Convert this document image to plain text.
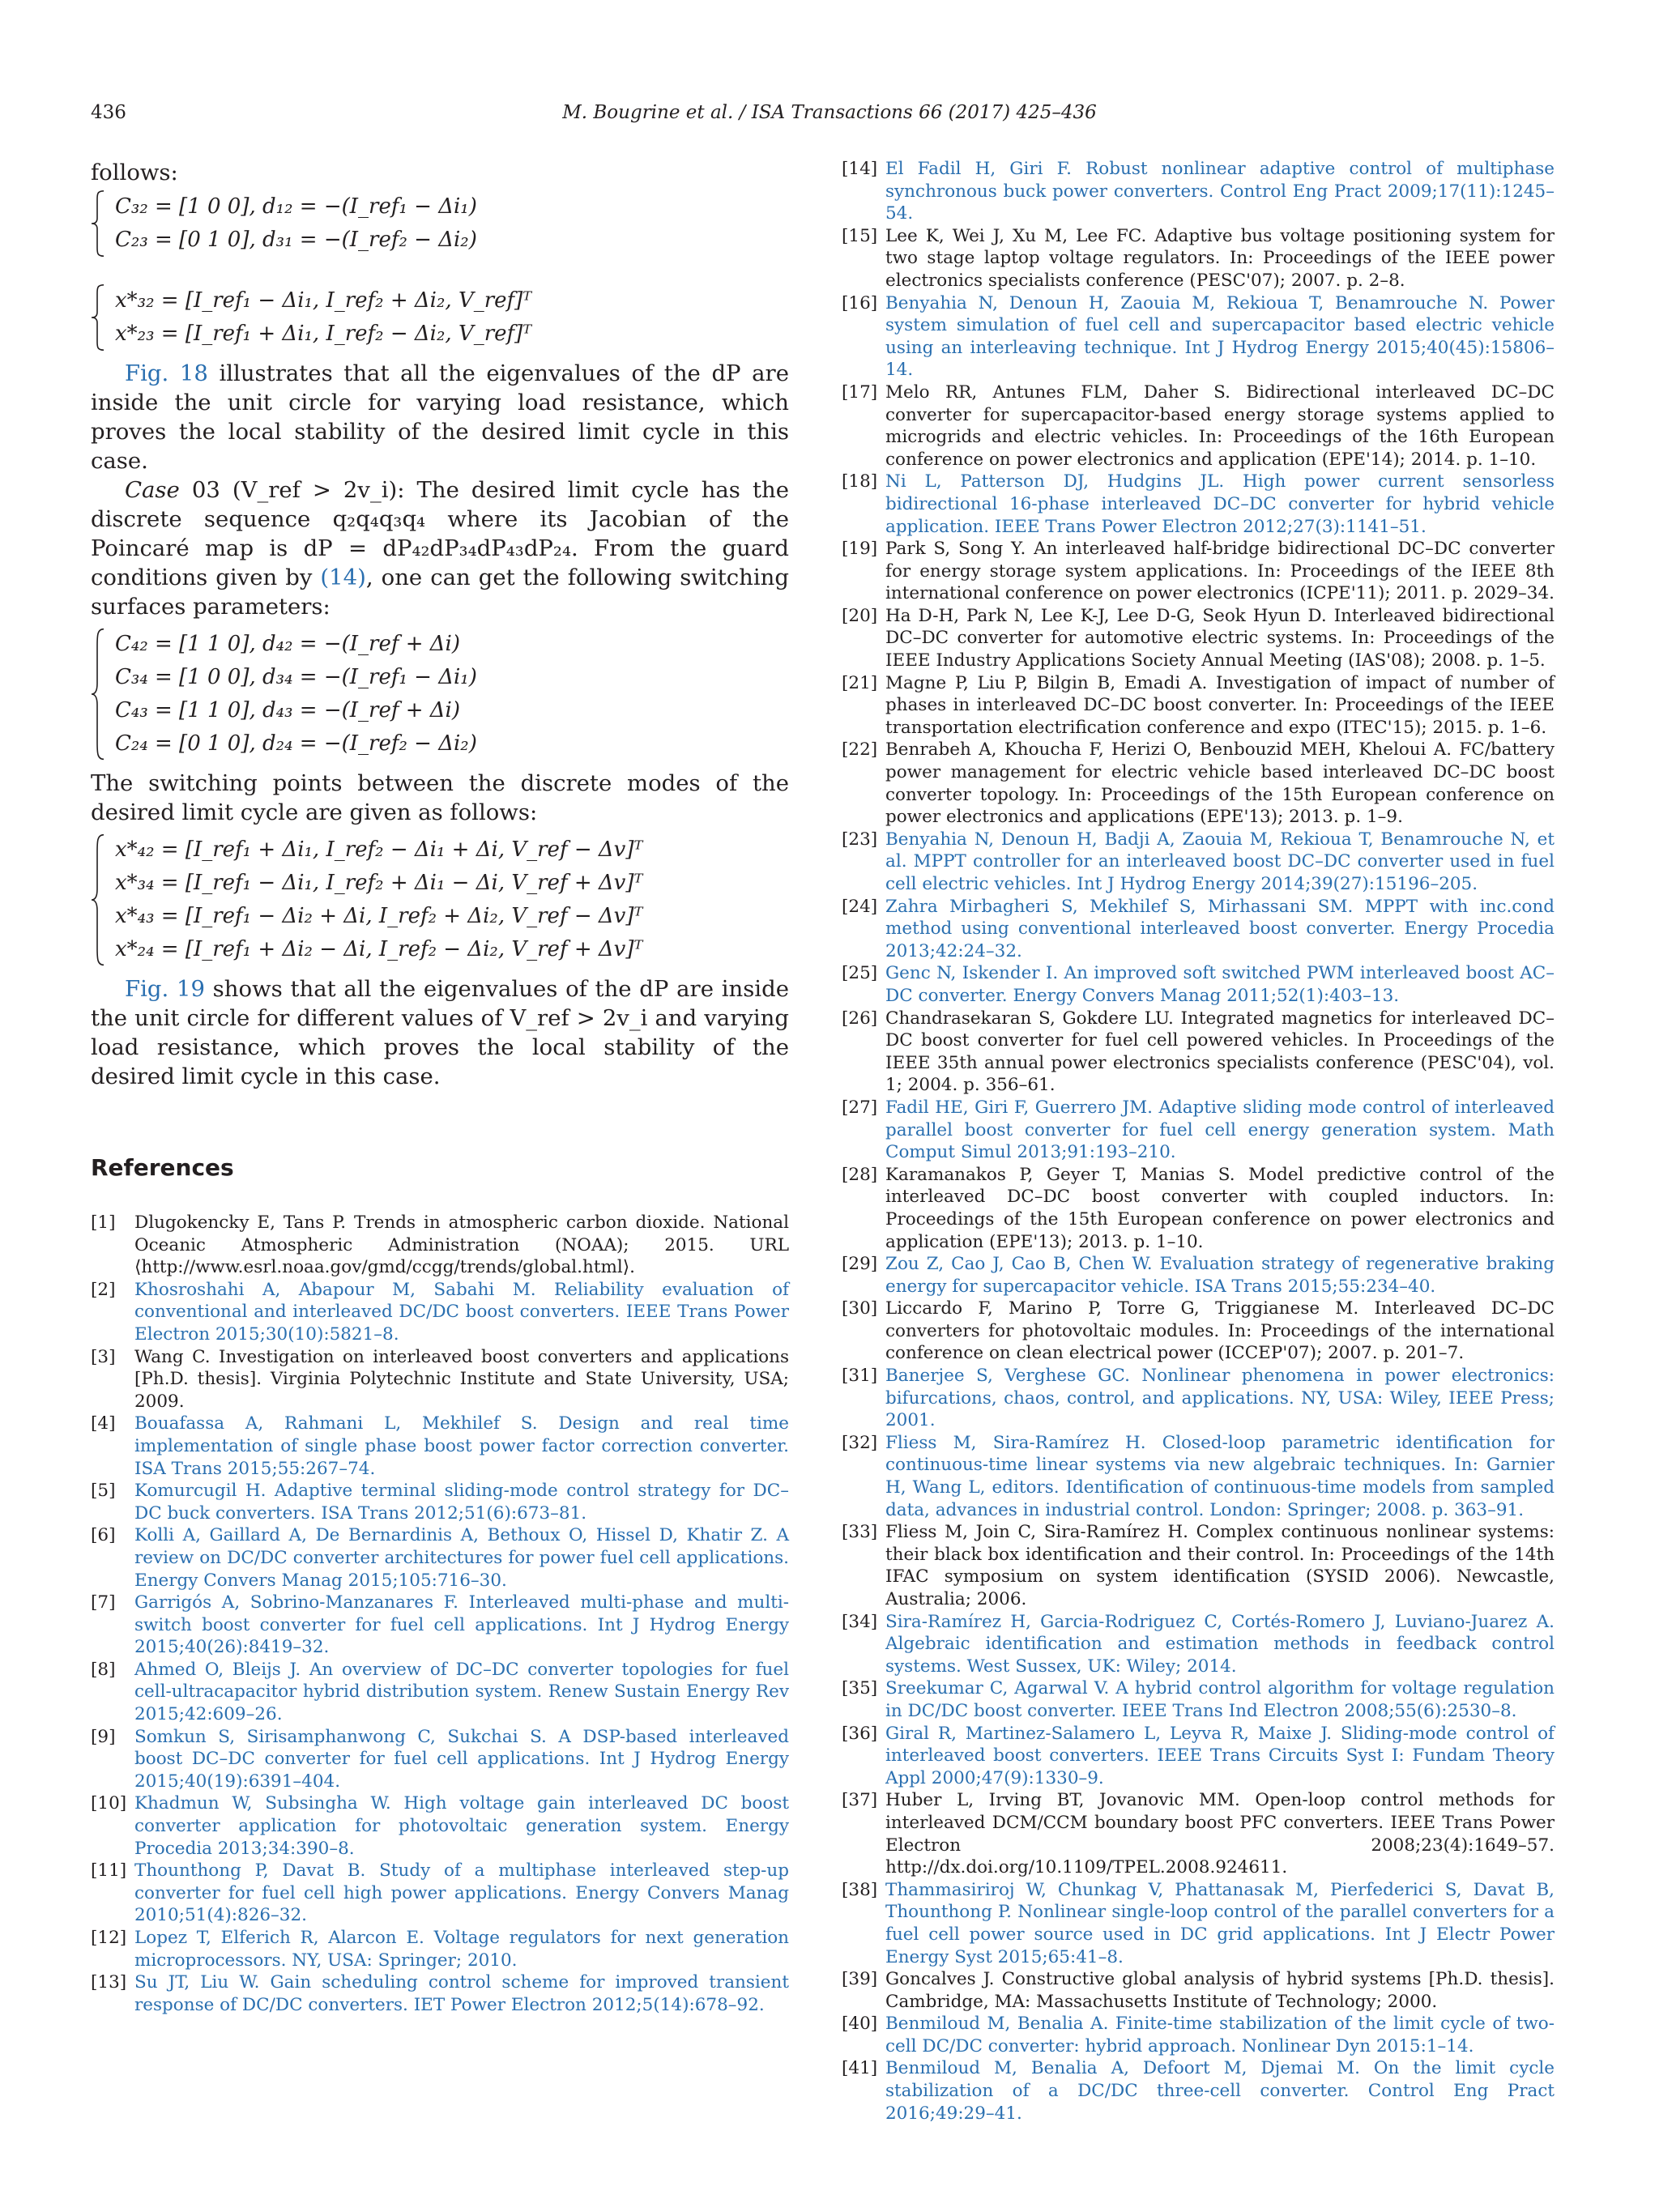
436	M. Bougrine et al. / ISA Transactions 66 (2017) 425–436

follows:

C₃₂ = [1 0 0], d₁₂ = −(I_ref₁ − Δi₁)
C₂₃ = [0 1 0], d₃₁ = −(I_ref₂ − Δi₂)
x*₃₂ = [I_ref₁ − Δi₁, I_ref₂ + Δi₂, V_ref]ᵀ
x*₂₃ = [I_ref₁ + Δi₁, I_ref₂ − Δi₂, V_ref]ᵀ

Fig. 18 illustrates that all the eigenvalues of the dP are inside the unit circle for varying load resistance, which proves the local stability of the desired limit cycle in this case.

Case 03 (V_ref > 2v_i): The desired limit cycle has the discrete sequence q₂q₄q₃q₄ where its Jacobian of the Poincaré map is dP = dP₄₂dP₃₄dP₄₃dP₂₄. From the guard conditions given by (14), one can get the following switching surfaces parameters:

C₄₂ = [1 1 0], d₄₂ = −(I_ref + Δi)
C₃₄ = [1 0 0], d₃₄ = −(I_ref₁ − Δi₁)
C₄₃ = [1 1 0], d₄₃ = −(I_ref + Δi)
C₂₄ = [0 1 0], d₂₄ = −(I_ref₂ − Δi₂)

The switching points between the discrete modes of the desired limit cycle are given as follows:

x*₄₂ = [I_ref₁ + Δi₁, I_ref₂ − Δi₁ + Δi, V_ref − Δv]ᵀ
x*₃₄ = [I_ref₁ − Δi₁, I_ref₂ + Δi₁ − Δi, V_ref + Δv]ᵀ
x*₄₃ = [I_ref₁ − Δi₂ + Δi, I_ref₂ + Δi₂, V_ref − Δv]ᵀ
x*₂₄ = [I_ref₁ + Δi₂ − Δi, I_ref₂ − Δi₂, V_ref + Δv]ᵀ

Fig. 19 shows that all the eigenvalues of the dP are inside the unit circle for different values of V_ref > 2v_i and varying load resistance, which proves the local stability of the desired limit cycle in this case.

References
[1] Dlugokencky E, Tans P. Trends in atmospheric carbon dioxide. National Oceanic Atmospheric Administration (NOAA); 2015. URL ⟨http://www.esrl.noaa.gov/gmd/ccgg/trends/global.html⟩.
[2] Khosroshahi A, Abapour M, Sabahi M. Reliability evaluation of conventional and interleaved DC/DC boost converters. IEEE Trans Power Electron 2015;30(10):5821–8.
[3] Wang C. Investigation on interleaved boost converters and applications [Ph.D. thesis]. Virginia Polytechnic Institute and State University, USA; 2009.
[4] Bouafassa A, Rahmani L, Mekhilef S. Design and real time implementation of single phase boost power factor correction converter. ISA Trans 2015;55:267–74.
[5] Komurcugil H. Adaptive terminal sliding-mode control strategy for DC–DC buck converters. ISA Trans 2012;51(6):673–81.
[6] Kolli A, Gaillard A, De Bernardinis A, Bethoux O, Hissel D, Khatir Z. A review on DC/DC converter architectures for power fuel cell applications. Energy Convers Manag 2015;105:716–30.
[7] Garrigós A, Sobrino-Manzanares F. Interleaved multi-phase and multi-switch boost converter for fuel cell applications. Int J Hydrog Energy 2015;40(26):8419–32.
[8] Ahmed O, Bleijs J. An overview of DC–DC converter topologies for fuel cell-ultracapacitor hybrid distribution system. Renew Sustain Energy Rev 2015;42:609–26.
[9] Somkun S, Sirisamphanwong C, Sukchai S. A DSP-based interleaved boost DC–DC converter for fuel cell applications. Int J Hydrog Energy 2015;40(19):6391–404.
[10] Khadmun W, Subsingha W. High voltage gain interleaved DC boost converter application for photovoltaic generation system. Energy Procedia 2013;34:390–8.
[11] Thounthong P, Davat B. Study of a multiphase interleaved step-up converter for fuel cell high power applications. Energy Convers Manag 2010;51(4):826–32.
[12] Lopez T, Elferich R, Alarcon E. Voltage regulators for next generation microprocessors. NY, USA: Springer; 2010.
[13] Su JT, Liu W. Gain scheduling control scheme for improved transient response of DC/DC converters. IET Power Electron 2012;5(14):678–92.
[14] El Fadil H, Giri F. Robust nonlinear adaptive control of multiphase synchronous buck power converters. Control Eng Pract 2009;17(11):1245–54.
[15] Lee K, Wei J, Xu M, Lee FC. Adaptive bus voltage positioning system for two stage laptop voltage regulators. In: Proceedings of the IEEE power electronics specialists conference (PESC'07); 2007. p. 2–8.
[16] Benyahia N, Denoun H, Zaouia M, Rekioua T, Benamrouche N. Power system simulation of fuel cell and supercapacitor based electric vehicle using an interleaving technique. Int J Hydrog Energy 2015;40(45):15806–14.
[17] Melo RR, Antunes FLM, Daher S. Bidirectional interleaved DC–DC converter for supercapacitor-based energy storage systems applied to microgrids and electric vehicles. In: Proceedings of the 16th European conference on power electronics and application (EPE'14); 2014. p. 1–10.
[18] Ni L, Patterson DJ, Hudgins JL. High power current sensorless bidirectional 16-phase interleaved DC–DC converter for hybrid vehicle application. IEEE Trans Power Electron 2012;27(3):1141–51.
[19] Park S, Song Y. An interleaved half-bridge bidirectional DC–DC converter for energy storage system applications. In: Proceedings of the IEEE 8th international conference on power electronics (ICPE'11); 2011. p. 2029–34.
[20] Ha D-H, Park N, Lee K-J, Lee D-G, Seok Hyun D. Interleaved bidirectional DC–DC converter for automotive electric systems. In: Proceedings of the IEEE Industry Applications Society Annual Meeting (IAS'08); 2008. p. 1–5.
[21] Magne P, Liu P, Bilgin B, Emadi A. Investigation of impact of number of phases in interleaved DC–DC boost converter. In: Proceedings of the IEEE transportation electrification conference and expo (ITEC'15); 2015. p. 1–6.
[22] Benrabeh A, Khoucha F, Herizi O, Benbouzid MEH, Kheloui A. FC/battery power management for electric vehicle based interleaved DC–DC boost converter topology. In: Proceedings of the 15th European conference on power electronics and applications (EPE'13); 2013. p. 1–9.
[23] Benyahia N, Denoun H, Badji A, Zaouia M, Rekioua T, Benamrouche N, et al. MPPT controller for an interleaved boost DC–DC converter used in fuel cell electric vehicles. Int J Hydrog Energy 2014;39(27):15196–205.
[24] Zahra Mirbagheri S, Mekhilef S, Mirhassani SM. MPPT with inc.cond method using conventional interleaved boost converter. Energy Procedia 2013;42:24–32.
[25] Genc N, Iskender I. An improved soft switched PWM interleaved boost AC–DC converter. Energy Convers Manag 2011;52(1):403–13.
[26] Chandrasekaran S, Gokdere LU. Integrated magnetics for interleaved DC–DC boost converter for fuel cell powered vehicles. In Proceedings of the IEEE 35th annual power electronics specialists conference (PESC'04), vol. 1; 2004. p. 356–61.
[27] Fadil HE, Giri F, Guerrero JM. Adaptive sliding mode control of interleaved parallel boost converter for fuel cell energy generation system. Math Comput Simul 2013;91:193–210.
[28] Karamanakos P, Geyer T, Manias S. Model predictive control of the interleaved DC–DC boost converter with coupled inductors. In: Proceedings of the 15th European conference on power electronics and application (EPE'13); 2013. p. 1–10.
[29] Zou Z, Cao J, Cao B, Chen W. Evaluation strategy of regenerative braking energy for supercapacitor vehicle. ISA Trans 2015;55:234–40.
[30] Liccardo F, Marino P, Torre G, Triggianese M. Interleaved DC–DC converters for photovoltaic modules. In: Proceedings of the international conference on clean electrical power (ICCEP'07); 2007. p. 201–7.
[31] Banerjee S, Verghese GC. Nonlinear phenomena in power electronics: bifurcations, chaos, control, and applications. NY, USA: Wiley, IEEE Press; 2001.
[32] Fliess M, Sira-Ramírez H. Closed-loop parametric identification for continuous-time linear systems via new algebraic techniques. In: Garnier H, Wang L, editors. Identification of continuous-time models from sampled data, advances in industrial control. London: Springer; 2008. p. 363–91.
[33] Fliess M, Join C, Sira-Ramírez H. Complex continuous nonlinear systems: their black box identification and their control. In: Proceedings of the 14th IFAC symposium on system identification (SYSID 2006). Newcastle, Australia; 2006.
[34] Sira-Ramírez H, Garcia-Rodriguez C, Cortés-Romero J, Luviano-Juarez A. Algebraic identification and estimation methods in feedback control systems. West Sussex, UK: Wiley; 2014.
[35] Sreekumar C, Agarwal V. A hybrid control algorithm for voltage regulation in DC/DC boost converter. IEEE Trans Ind Electron 2008;55(6):2530–8.
[36] Giral R, Martinez-Salamero L, Leyva R, Maixe J. Sliding-mode control of interleaved boost converters. IEEE Trans Circuits Syst I: Fundam Theory Appl 2000;47(9):1330–9.
[37] Huber L, Irving BT, Jovanovic MM. Open-loop control methods for interleaved DCM/CCM boundary boost PFC converters. IEEE Trans Power Electron 2008;23(4):1649–57. http://dx.doi.org/10.1109/TPEL.2008.924611.
[38] Thammasiriroj W, Chunkag V, Phattanasak M, Pierfederici S, Davat B, Thounthong P. Nonlinear single-loop control of the parallel converters for a fuel cell power source used in DC grid applications. Int J Electr Power Energy Syst 2015;65:41–8.
[39] Goncalves J. Constructive global analysis of hybrid systems [Ph.D. thesis]. Cambridge, MA: Massachusetts Institute of Technology; 2000.
[40] Benmiloud M, Benalia A. Finite-time stabilization of the limit cycle of two-cell DC/DC converter: hybrid approach. Nonlinear Dyn 2015:1–14.
[41] Benmiloud M, Benalia A, Defoort M, Djemai M. On the limit cycle stabilization of a DC/DC three-cell converter. Control Eng Pract 2016;49:29–41.
